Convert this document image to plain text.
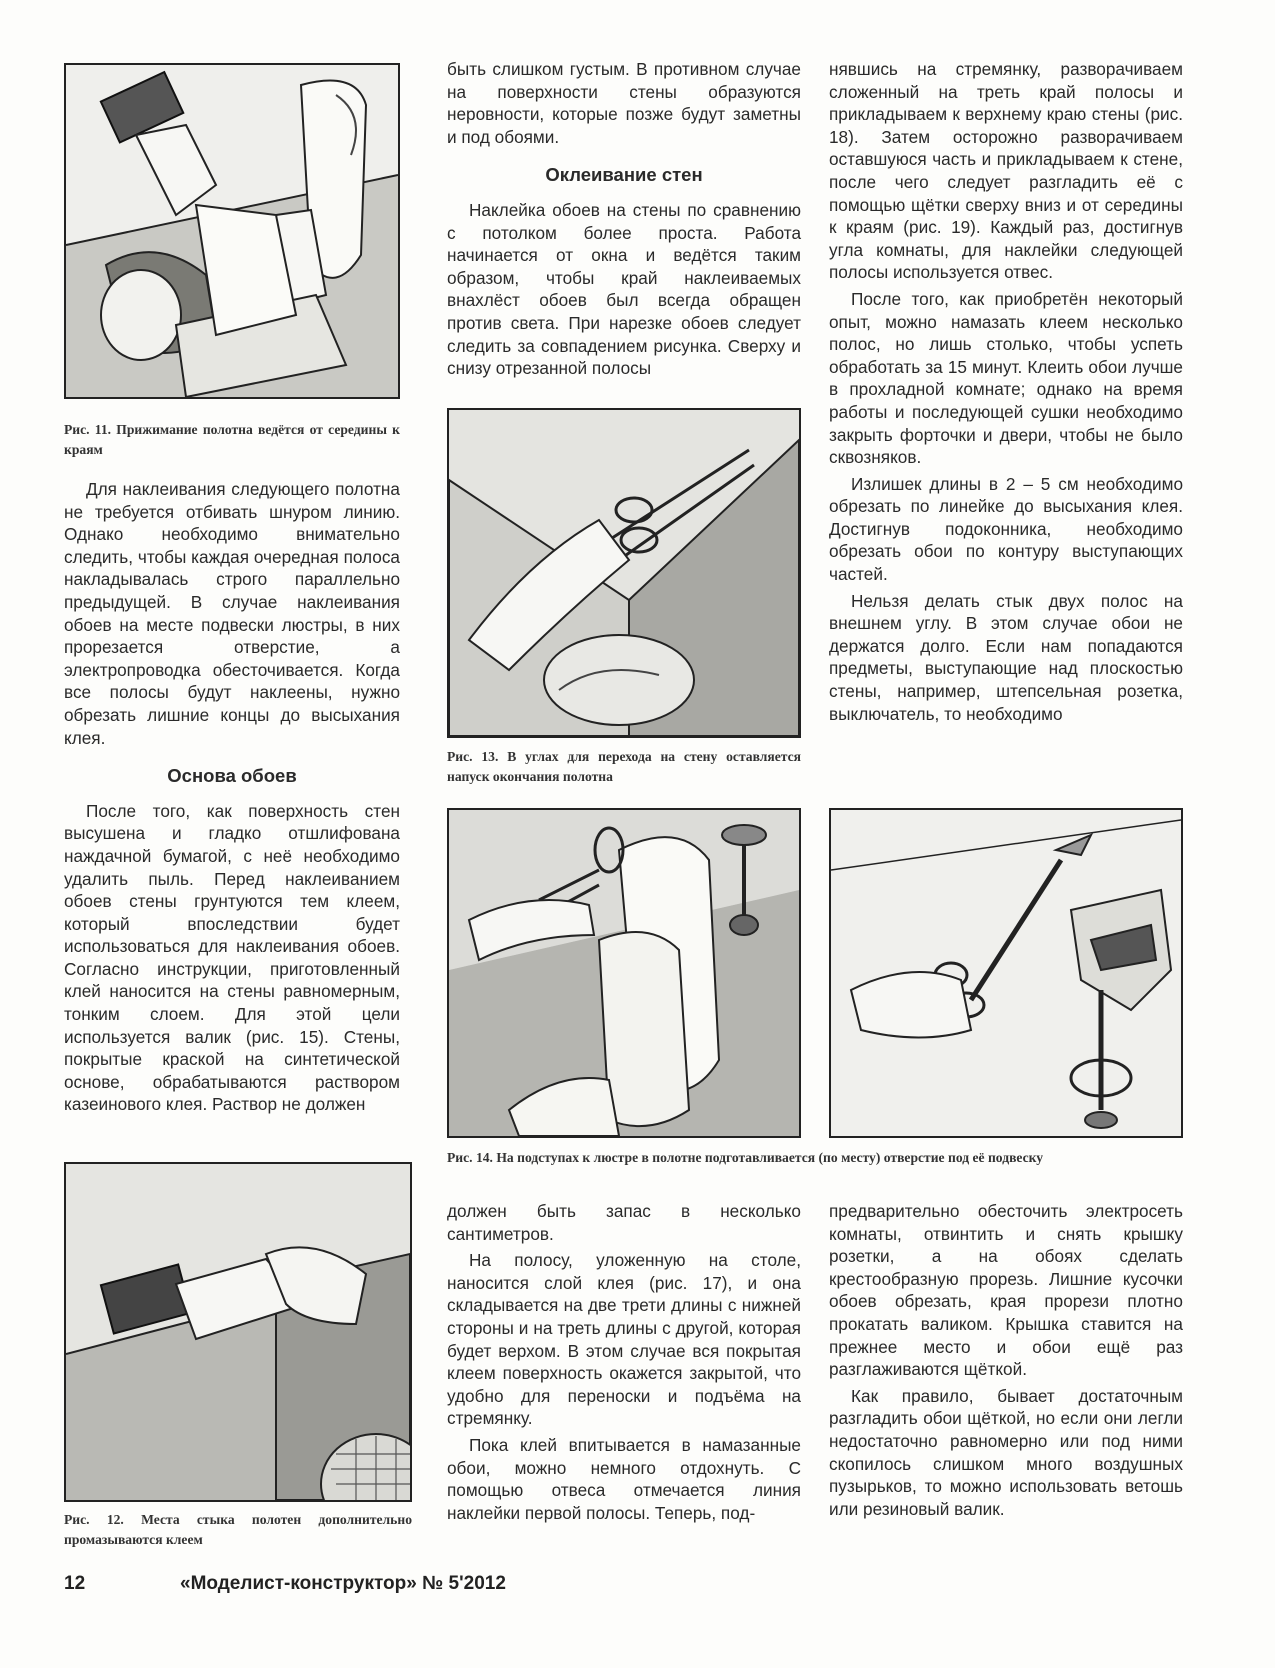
Рис. 11. Прижимание полотна ведётся от середины к краям

Для наклеивания следующего полотна не требуется отбивать шнуром линию. Однако необходимо внимательно следить, чтобы каждая очередная полоса накладывалась строго параллельно предыдущей. В случае наклеивания обоев на месте подвески люстры, в них прорезается отверстие, а электропроводка обесточивается. Когда все полосы будут наклеены, нужно обрезать лишние концы до высыхания клея.

Основа обоев

После того, как поверхность стен высушена и гладко отшлифована наждачной бумагой, с неё необходимо удалить пыль. Перед наклеиванием обоев стены грунтуются тем клеем, который впоследствии будет использоваться для наклеивания обоев. Согласно инструкции, приготовленный клей наносится на стены равномерным, тонким слоем. Для этой цели используется валик (рис. 15). Стены, покрытые краской на синтетической основе, обрабатываются раствором казеинового клея. Раствор не должен

Рис. 12. Места стыка полотен дополнительно промазываются клеем

быть слишком густым. В противном случае на поверхности стены образуются неровности, которые позже будут заметны и под обоями.

Оклеивание стен

Наклейка обоев на стены по сравнению с потолком более проста. Работа начинается от окна и ведётся таким образом, чтобы край наклеиваемых внахлёст обоев был всегда обращен против света. При нарезке обоев следует следить за совпадением рисунка. Сверху и снизу отрезанной полосы

Рис. 13. В углах для перехода на стену оставляется напуск окончания полотна

нявшись на стремянку, разворачиваем сложенный на треть край полосы и прикладываем к верхнему краю стены (рис. 18). Затем осторожно разворачиваем оставшуюся часть и прикладываем к стене, после чего следует разгладить её с помощью щётки сверху вниз и от середины к краям (рис. 19). Каждый раз, достигнув угла комнаты, для наклейки следующей полосы используется отвес.

После того, как приобретён некоторый опыт, можно намазать клеем несколько полос, но лишь столько, чтобы успеть обработать за 15 минут. Клеить обои лучше в прохладной комнате; однако на время работы и последующей сушки необходимо закрыть форточки и двери, чтобы не было сквозняков.

Излишек длины в 2 – 5 см необходимо обрезать по линейке до высыхания клея. Достигнув подоконника, необходимо обрезать обои по контуру выступающих частей.

Нельзя делать стык двух полос на внешнем углу. В этом случае обои не держатся долго. Если нам попадаются предметы, выступающие над плоскостью стены, например, штепсельная розетка, выключатель, то необходимо

Рис. 14. На подступах к люстре в полотне подготавливается (по месту) отверстие под её подвеску

должен быть запас в несколько сантиметров.

На полосу, уложенную на столе, наносится слой клея (рис. 17), и она складывается на две трети длины с нижней стороны и на треть длины с другой, которая будет верхом. В этом случае вся покрытая клеем поверхность окажется закрытой, что удобно для переноски и подъёма на стремянку.

Пока клей впитывается в намазанные обои, можно немного отдохнуть. С помощью отвеса отмечается линия наклейки первой полосы. Теперь, под-

предварительно обесточить электросеть комнаты, отвинтить и снять крышку розетки, а на обоях сделать крестообразную прорезь. Лишние кусочки обоев обрезать, края прорези плотно прокатать валиком. Крышка ставится на прежнее место и обои ещё раз разглаживаются щёткой.

Как правило, бывает достаточным разгладить обои щёткой, но если они легли недостаточно равномерно или под ними скопилось слишком много воздушных пузырьков, то можно использовать ветошь или резиновый валик.

12	«Моделист-конструктор» № 5'2012
